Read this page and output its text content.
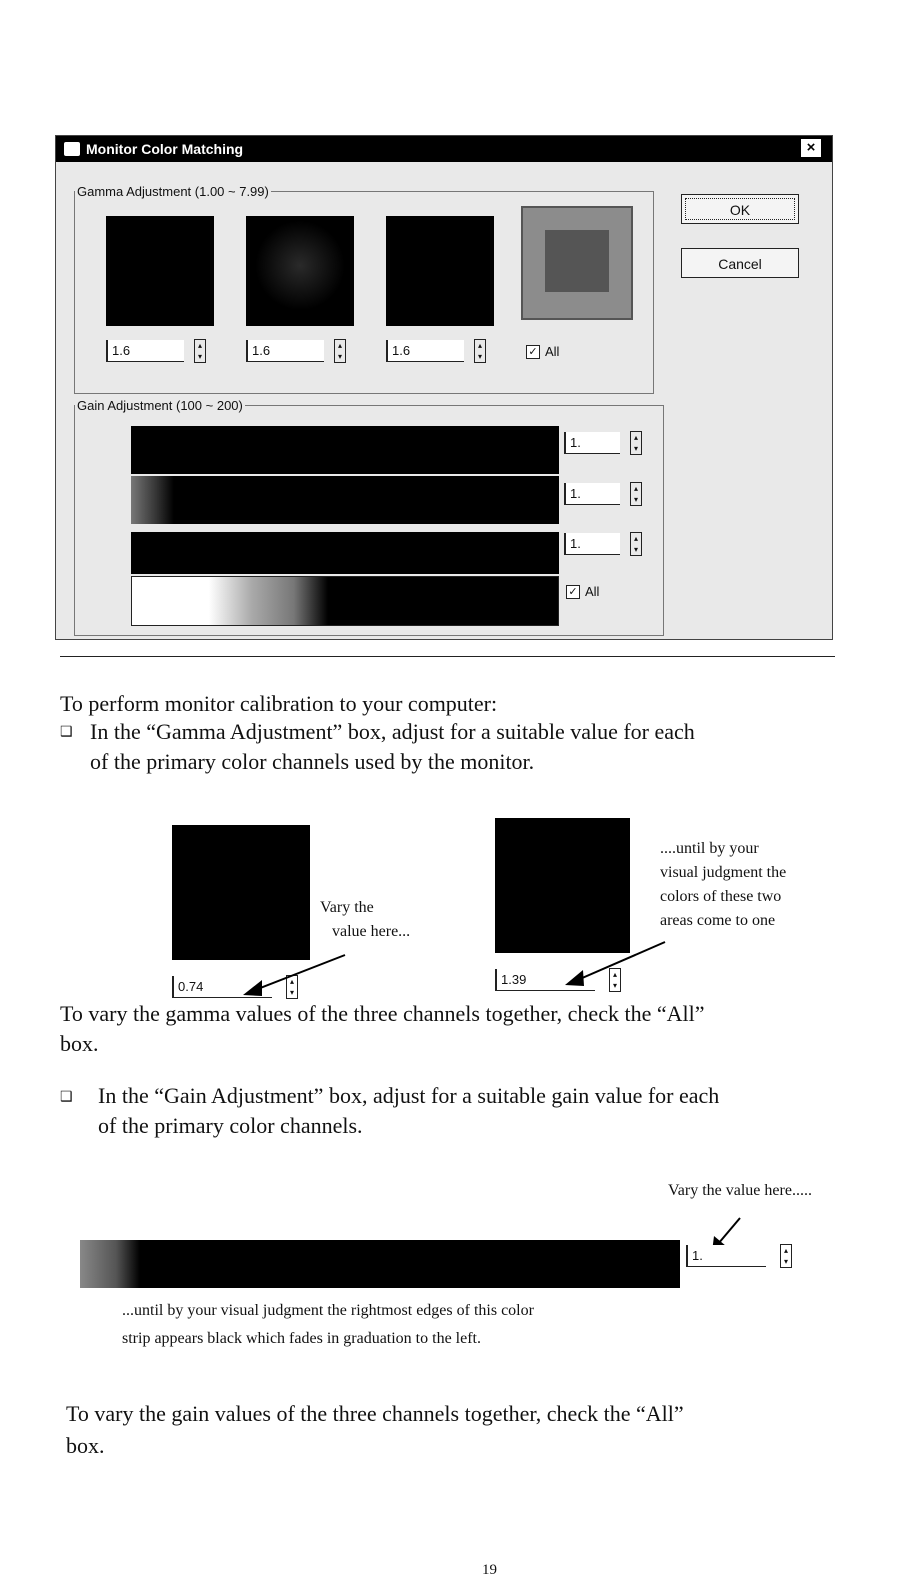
Monitor Color Matching	×
Gamma Adjustment (1.00 ~ 7.99)
1.6	▴
▾	1.6	▴
▾	1.6	▴
▾	✓ All
Gain Adjustment (100 ~ 200)
1.	▴
▾
1.	▴
▾
1.	▴
▾
✓ All
OK
Cancel
To perform monitor calibration to your computer:
❑ In the “Gamma Adjustment” box, adjust for a suitable value for each
of the primary color channels used by the monitor.
0.74	▴
▾
Vary the
value here...
1.39	▴
▾
....until by your
visual judgment the
colors of these two
areas come to one
To vary the gamma values of the three channels together, check the “All”
box.
❑ In the “Gain Adjustment” box, adjust for a suitable gain value for each
of the primary color channels.
Vary the value here.....
1.	▴
▾
...until by your visual judgment the rightmost edges of this color
strip appears black which fades in graduation to the left.
To vary the gain values of the three channels together, check the “All”
box.
19
